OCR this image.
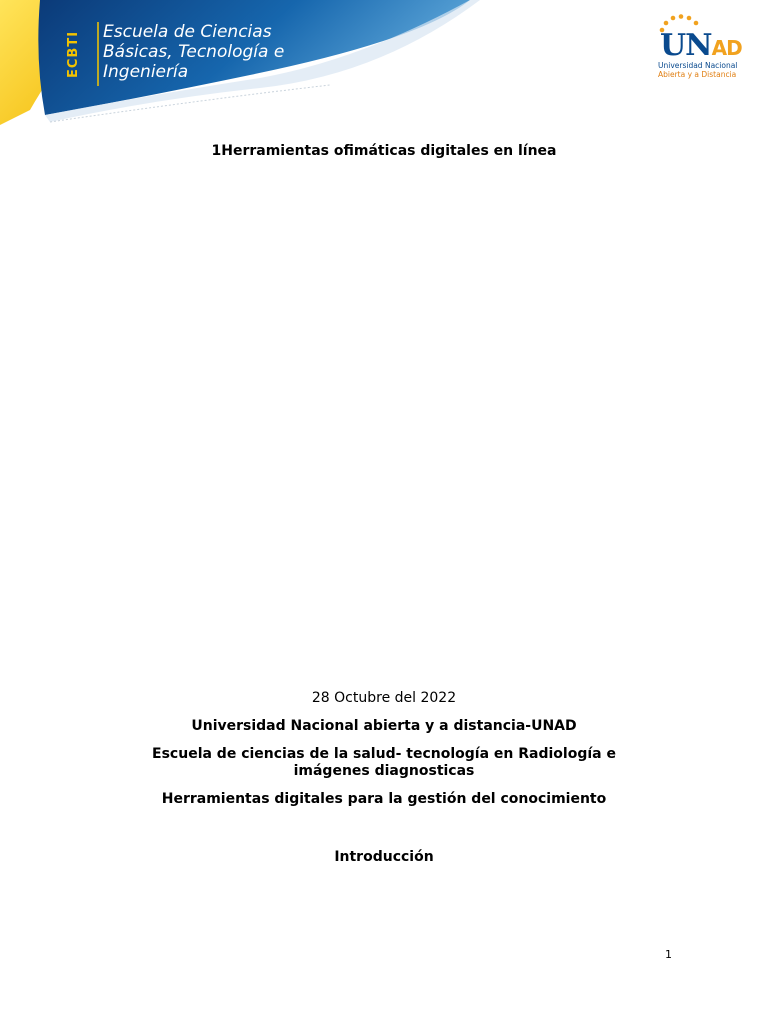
ECBTI	Escuela de Ciencias
Básicas, Tecnología e
Ingeniería
UNAD
Universidad Nacional
Abierta y a Distancia
1Herramientas ofimáticas digitales en línea
28 Octubre del 2022
Universidad Nacional abierta y a distancia-UNAD
Escuela de ciencias de la salud- tecnología en Radiología e
imágenes diagnosticas
Herramientas digitales para la gestión del conocimiento
Introducción
1
